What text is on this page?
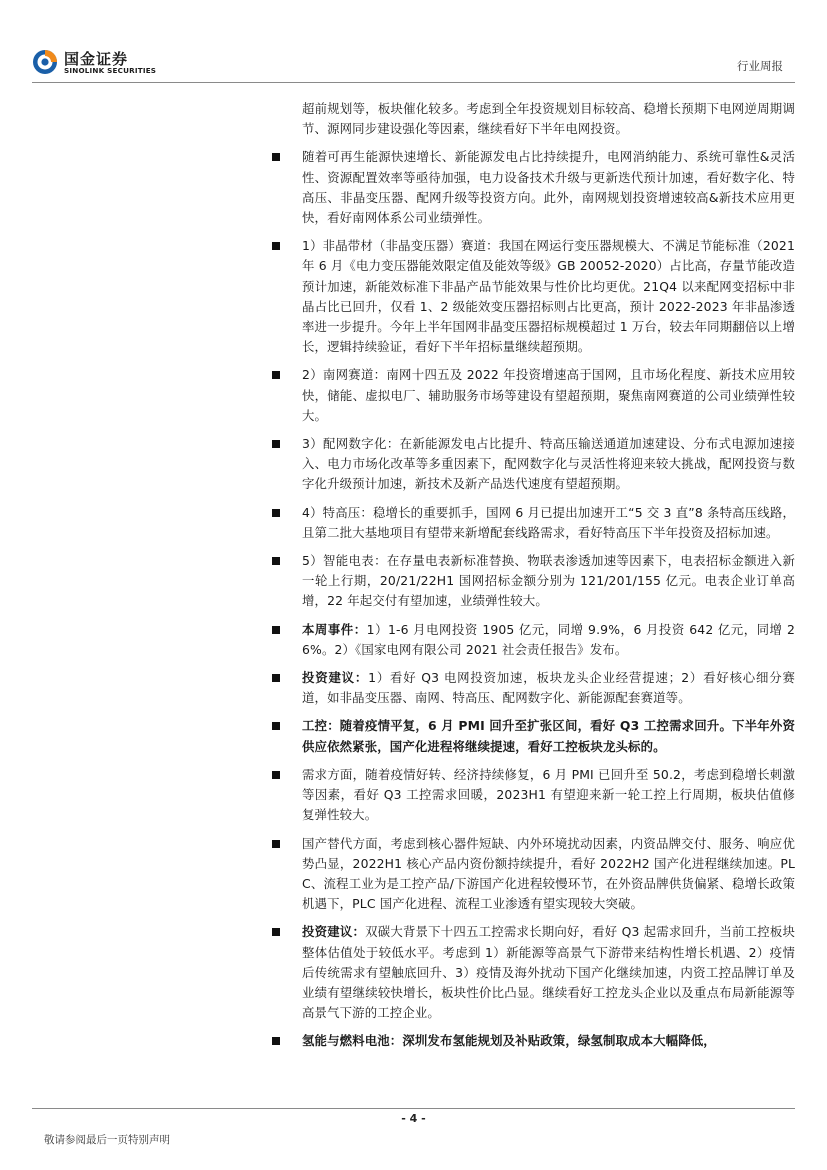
国金证券
SINOLINK SECURITIES	行业周报

超前规划等，板块催化较多。考虑到全年投资规划目标较高、稳增长预期下电网逆周期调节、源网同步建设强化等因素，继续看好下半年电网投资。

随着可再生能源快速增长、新能源发电占比持续提升，电网消纳能力、系统可靠性&灵活性、资源配置效率等亟待加强，电力设备技术升级与更新迭代预计加速，看好数字化、特高压、非晶变压器、配网升级等投资方向。此外，南网规划投资增速较高&新技术应用更快，看好南网体系公司业绩弹性。

1）非晶带材（非晶变压器）赛道：我国在网运行变压器规模大、不满足节能标准（2021 年 6 月《电力变压器能效限定值及能效等级》GB 20052-2020）占比高，存量节能改造预计加速，新能效标准下非晶产品节能效果与性价比均更优。21Q4 以来配网变招标中非晶占比已回升，仅看 1、2 级能效变压器招标则占比更高，预计 2022-2023 年非晶渗透率进一步提升。今年上半年国网非晶变压器招标规模超过 1 万台，较去年同期翻倍以上增长，逻辑持续验证，看好下半年招标量继续超预期。

2）南网赛道：南网十四五及 2022 年投资增速高于国网，且市场化程度、新技术应用较快，储能、虚拟电厂、辅助服务市场等建设有望超预期，聚焦南网赛道的公司业绩弹性较大。

3）配网数字化：在新能源发电占比提升、特高压输送通道加速建设、分布式电源加速接入、电力市场化改革等多重因素下，配网数字化与灵活性将迎来较大挑战，配网投资与数字化升级预计加速，新技术及新产品迭代速度有望超预期。

4）特高压：稳增长的重要抓手，国网 6 月已提出加速开工“5 交 3 直”8 条特高压线路，且第二批大基地项目有望带来新增配套线路需求，看好特高压下半年投资及招标加速。

5）智能电表：在存量电表新标准替换、物联表渗透加速等因素下，电表招标金额进入新一轮上行期，20/21/22H1 国网招标金额分别为 121/201/155 亿元。电表企业订单高增，22 年起交付有望加速，业绩弹性较大。

本周事件：1）1-6 月电网投资 1905 亿元，同增 9.9%，6 月投资 642 亿元，同增 26%。2）《国家电网有限公司 2021 社会责任报告》发布。

投资建议：1）看好 Q3 电网投资加速，板块龙头企业经营提速；2）看好核心细分赛道，如非晶变压器、南网、特高压、配网数字化、新能源配套赛道等。

工控：随着疫情平复，6 月 PMI 回升至扩张区间，看好 Q3 工控需求回升。下半年外资供应依然紧张，国产化进程将继续提速，看好工控板块龙头标的。

需求方面，随着疫情好转、经济持续修复，6 月 PMI 已回升至 50.2，考虑到稳增长刺激等因素，看好 Q3 工控需求回暖，2023H1 有望迎来新一轮工控上行周期，板块估值修复弹性较大。

国产替代方面，考虑到核心器件短缺、内外环境扰动因素，内资品牌交付、服务、响应优势凸显，2022H1 核心产品内资份额持续提升，看好 2022H2 国产化进程继续加速。PLC、流程工业为是工控产品/下游国产化进程较慢环节，在外资品牌供货偏紧、稳增长政策机遇下，PLC 国产化进程、流程工业渗透有望实现较大突破。

投资建议：双碳大背景下十四五工控需求长期向好，看好 Q3 起需求回升，当前工控板块整体估值处于较低水平。考虑到 1）新能源等高景气下游带来结构性增长机遇、2）疫情后传统需求有望触底回升、3）疫情及海外扰动下国产化继续加速，内资工控品牌订单及业绩有望继续较快增长，板块性价比凸显。继续看好工控龙头企业以及重点布局新能源等高景气下游的工控企业。

氢能与燃料电池：深圳发布氢能规划及补贴政策，绿氢制取成本大幅降低，

- 4 -
敬请参阅最后一页特别声明
